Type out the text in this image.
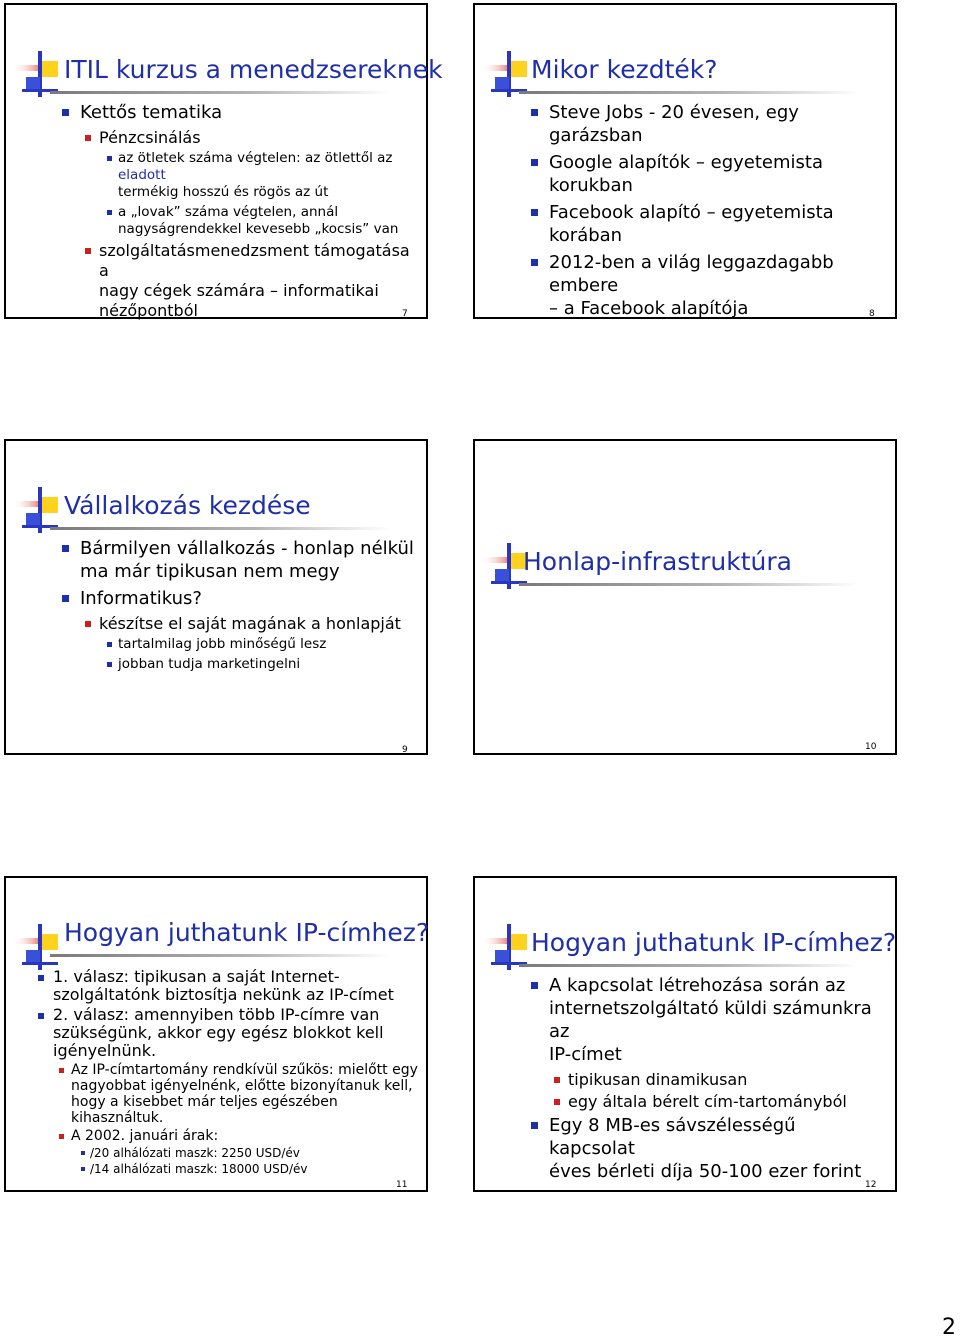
ITIL kurzus a menedzsereknek
Kettős tematika
Pénzcsinálás
az ötletek száma végtelen: az ötlettől az eladott
termékig hosszú és rögös az út
a „lovak” száma végtelen, annál
nagyságrendekkel kevesebb „kocsis” van
szolgáltatásmenedzsment támogatása a
nagy cégek számára – informatikai
nézőpontból	7
Mikor kezdték?
Steve Jobs - 20 évesen, egy garázsban
Google alapítók – egyetemista korukban
Facebook alapító – egyetemista korában
2012-ben a világ leggazdagabb embere
– a Facebook alapítója	8
Vállalkozás kezdése
Bármilyen vállalkozás - honlap nélkül
ma már tipikusan nem megy
Informatikus?
készítse el saját magának a honlapját
tartalmilag jobb minőségű lesz
jobban tudja marketingelni
9
Honlap-infrastruktúra
10
Hogyan juthatunk IP-címhez?
1. válasz: tipikusan a saját Internet-
szolgáltatónk biztosítja nekünk az IP-címet
2. válasz: amennyiben több IP-címre van
szükségünk, akkor egy egész blokkot kell
igényelnünk.
Az IP-címtartomány rendkívül szűkös: mielőtt egy
nagyobbat igényelnénk, előtte bizonyítanuk kell,
hogy a kisebbet már teljes egészében
kihasználtuk.
A 2002. januári árak:
/20 alhálózati maszk: 2250 USD/év
/14 alhálózati maszk: 18000 USD/év
11
Hogyan juthatunk IP-címhez?
A kapcsolat létrehozása során az
internetszolgáltató küldi számunkra az
IP-címet
tipikusan dinamikusan
egy általa bérelt cím-tartományból
Egy 8 MB-es sávszélességű kapcsolat
éves bérleti díja 50-100 ezer forint
12
2
